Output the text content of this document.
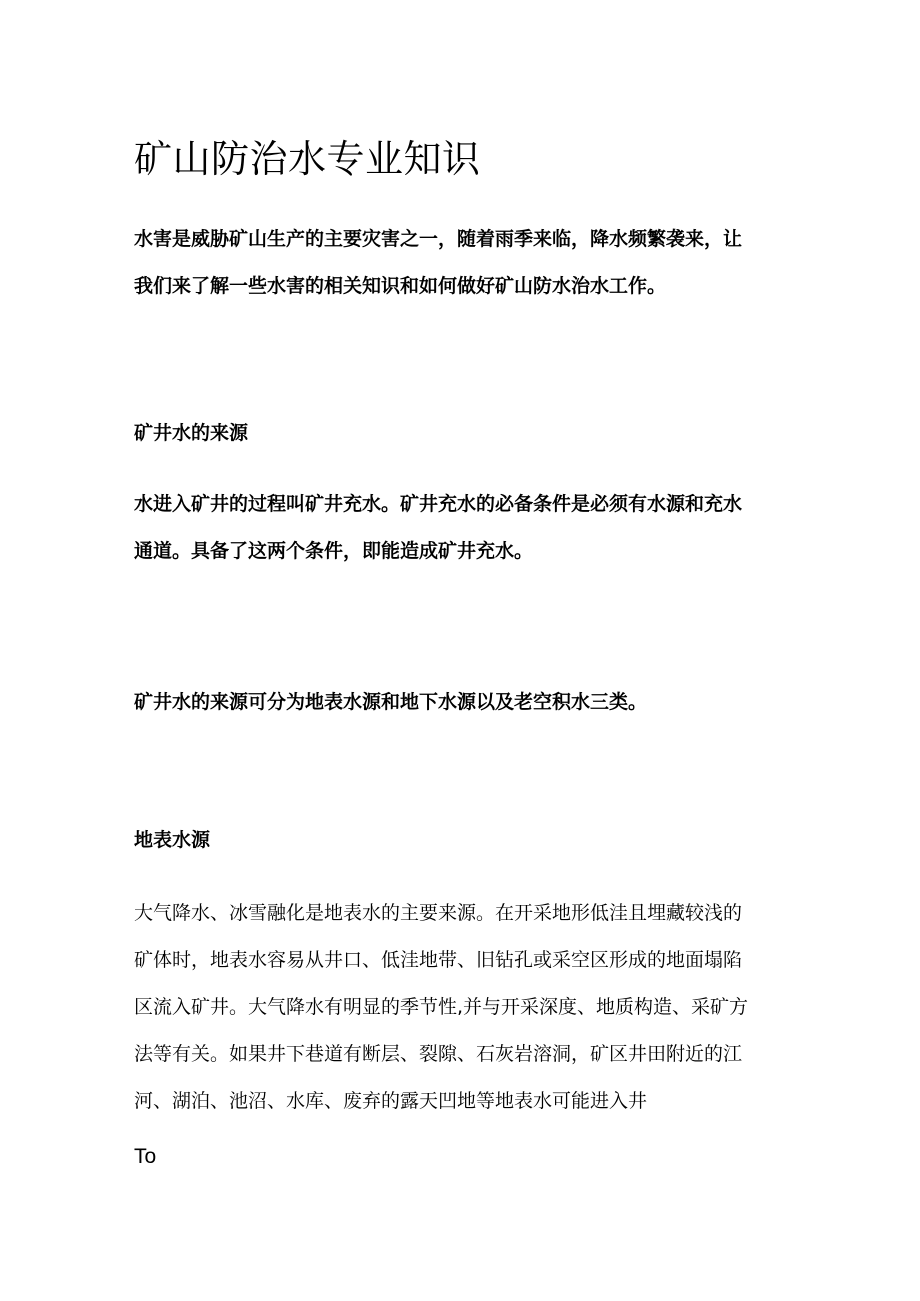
矿山防治水专业知识

水害是威胁矿山生产的主要灾害之一，随着雨季来临，降水频繁袭来，让
我们来了解一些水害的相关知识和如何做好矿山防水治水工作。

矿井水的来源

水进入矿井的过程叫矿井充水。矿井充水的必备条件是必须有水源和充水
通道。具备了这两个条件，即能造成矿井充水。

矿井水的来源可分为地表水源和地下水源以及老空积水三类。

地表水源

大气降水、冰雪融化是地表水的主要来源。在开采地形低洼且埋藏较浅的
矿体时，地表水容易从井口、低洼地带、旧钻孔或采空区形成的地面塌陷
区流入矿井。大气降水有明显的季节性,并与开采深度、地质构造、采矿方
法等有关。如果井下巷道有断层、裂隙、石灰岩溶洞，矿区井田附近的江
河、湖泊、池沼、水库、废弃的露天凹地等地表水可能进入井

To
